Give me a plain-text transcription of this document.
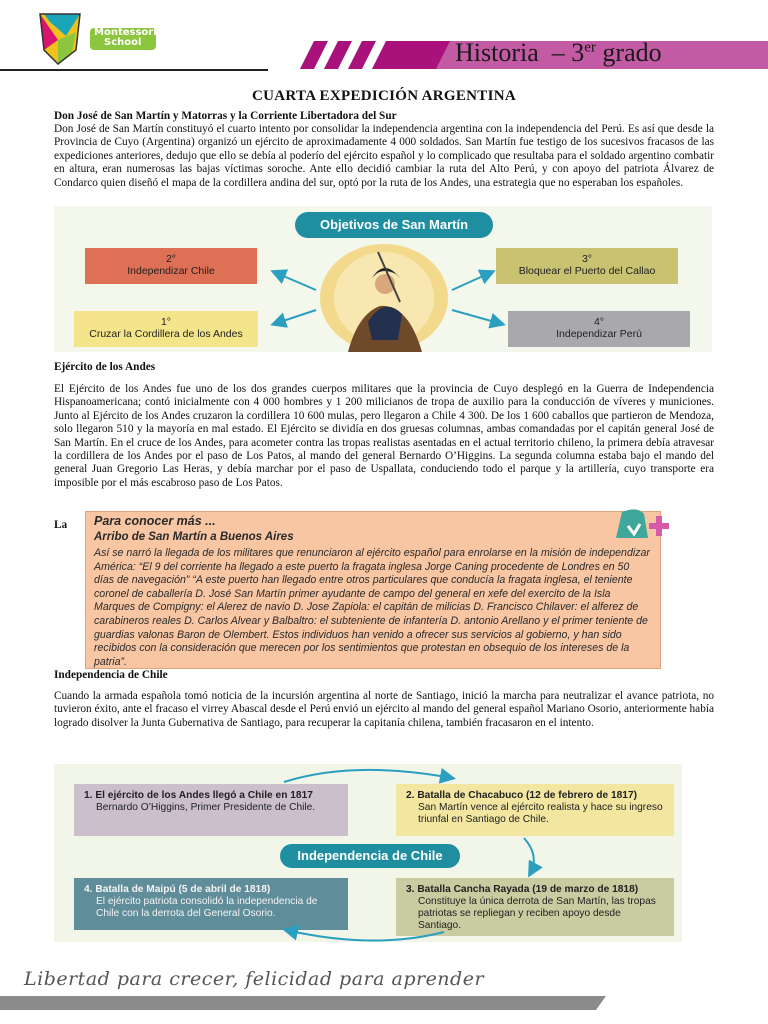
Montessori
School	Historia – 3er grado
CUARTA EXPEDICIÓN ARGENTINA
Don José de San Martín y Matorras y la Corriente Libertadora del Sur
Don José de San Martín constituyó el cuarto intento por consolidar la independencia argentina con la independencia del Perú. Es así que desde la Provincia de Cuyo (Argentina) organizó un ejército de aproximadamente 4 000 soldados. San Martín fue testigo de los sucesivos fracasos de las expediciones anteriores, dedujo que ello se debía al poderío del ejército español y lo complicado que resultaba para el soldado argentino combatir en altura, eran numerosas las bajas víctimas soroche. Ante ello decidió cambiar la ruta del Alto Perú, y con apoyo del patriota Álvarez de Condarco quien diseñó el mapa de la cordillera andina del sur, optó por la ruta de los Andes, una estrategia que no esperaban los españoles.
Objetivos de San Martín
2°
Independizar Chile
3°
Bloquear el Puerto del Callao
1°
Cruzar la Cordillera de los Andes
4°
Independizar Perú
Ejército de los Andes
El Ejército de los Andes fue uno de los dos grandes cuerpos militares que la provincia de Cuyo desplegó en la Guerra de Independencia Hispanoamericana; contó inicialmente con 4 000 hombres y 1 200 milicianos de tropa de auxilio para la conducción de víveres y municiones. Junto al Ejército de los Andes cruzaron la cordillera 10 600 mulas, pero llegaron a Chile 4 300. De los 1 600 caballos que partieron de Mendoza, solo llegaron 510 y la mayoría en mal estado. El Ejército se dividía en dos gruesas columnas, ambas comandadas por el capitán general José de San Martín. En el cruce de los Andes, para acometer contra las tropas realistas asentadas en el actual territorio chileno, la primera debía atravesar la cordillera de los Andes por el paso de Los Patos, al mando del general Bernardo O’Higgins. La segunda columna estaba bajo el mando del general Juan Gregorio Las Heras, y debía marchar por el paso de Uspallata, conduciendo todo el parque y la artillería, cuyo transporte era imposible por el más escabroso paso de Los Patos.
La Para conocer más ...
Arribo de San Martín a Buenos Aires
Así se narró la llegada de los militares que renunciaron al ejército español para enrolarse en la misión de independizar América: “El 9 del corriente ha llegado a este puerto la fragata inglesa Jorge Caning procedente de Londres en 50 días de navegación” “A este puerto han llegado entre otros particulares que conducía la fragata inglesa, el teniente coronel de caballería D. José San Martín primer ayudante de campo del general en xefe del exercito de la Isla Marques de Compigny: el Alerez de navio D. Jose Zapiola: el capitán de milicias D. Francisco Chilaver: el alferez de carabineros reales D. Carlos Alvear y Balbaltro: el subteniente de infantería D. antonio Arellano y el primer teniente de guardias valonas Baron de Olembert. Estos individuos han venido a ofrecer sus servicios al gobierno, y han sido recibidos con la consideración que merecen por los sentimientos que protestan en obsequio de los intereses de la patria”.
Independencia de Chile
Cuando la armada española tomó noticia de la incursión argentina al norte de Santiago, inició la marcha para neutralizar el avance patriota, no tuvieron éxito, ante el fracaso el virrey Abascal desde el Perú envió un ejército al mando del general español Mariano Osorio, anteriormente había logrado disolver la Junta Gubernativa de Santiago, para recuperar la capitanía chilena, también fracasaron en el intento.
1. El ejército de los Andes llegó a Chile en 1817
Bernardo O’Higgins, Primer Presidente de Chile.
2. Batalla de Chacabuco (12 de febrero de 1817)
San Martín vence al ejército realista y hace su ingreso triunfal en Santiago de Chile.
Independencia de Chile
3. Batalla Cancha Rayada (19 de marzo de 1818)
Constituye la única derrota de San Martín, las tropas patriotas se repliegan y reciben apoyo desde Santiago.
4. Batalla de Maipú (5 de abril de 1818)
El ejército patriota consolidó la independencia de Chile con la derrota del General Osorio.
Libertad para crecer, felicidad para aprender
